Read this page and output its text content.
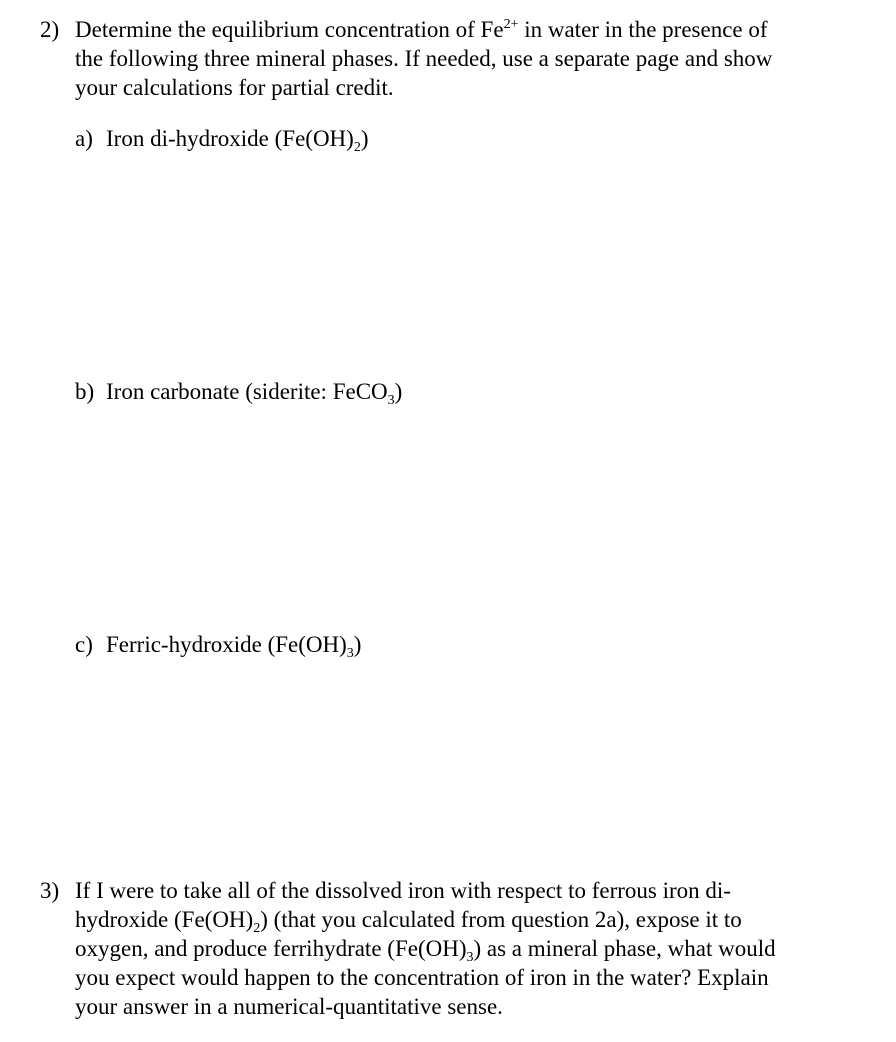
2) Determine the equilibrium concentration of $Fe^{2+}$ in water in the presence of
the following three mineral phases. If needed, use a separate page and show
your calculations for partial credit.
a) Iron di-hydroxide $(Fe(OH)_2)$
b) Iron carbonate (siderite: FeCO$_3$)
c) Ferric-hydroxide $(Fe(OH)_3)$
3) If I were to take all of the dissolved iron with respect to ferrous iron di-
hydroxide $(Fe(OH)_2)$ (that you calculated from question 2a), expose it to
oxygen, and produce ferrihydrate $(Fe(OH)_3)$ as a mineral phase, what would
you expect would happen to the concentration of iron in the water? Explain
your answer in a numerical-quantitative sense.
